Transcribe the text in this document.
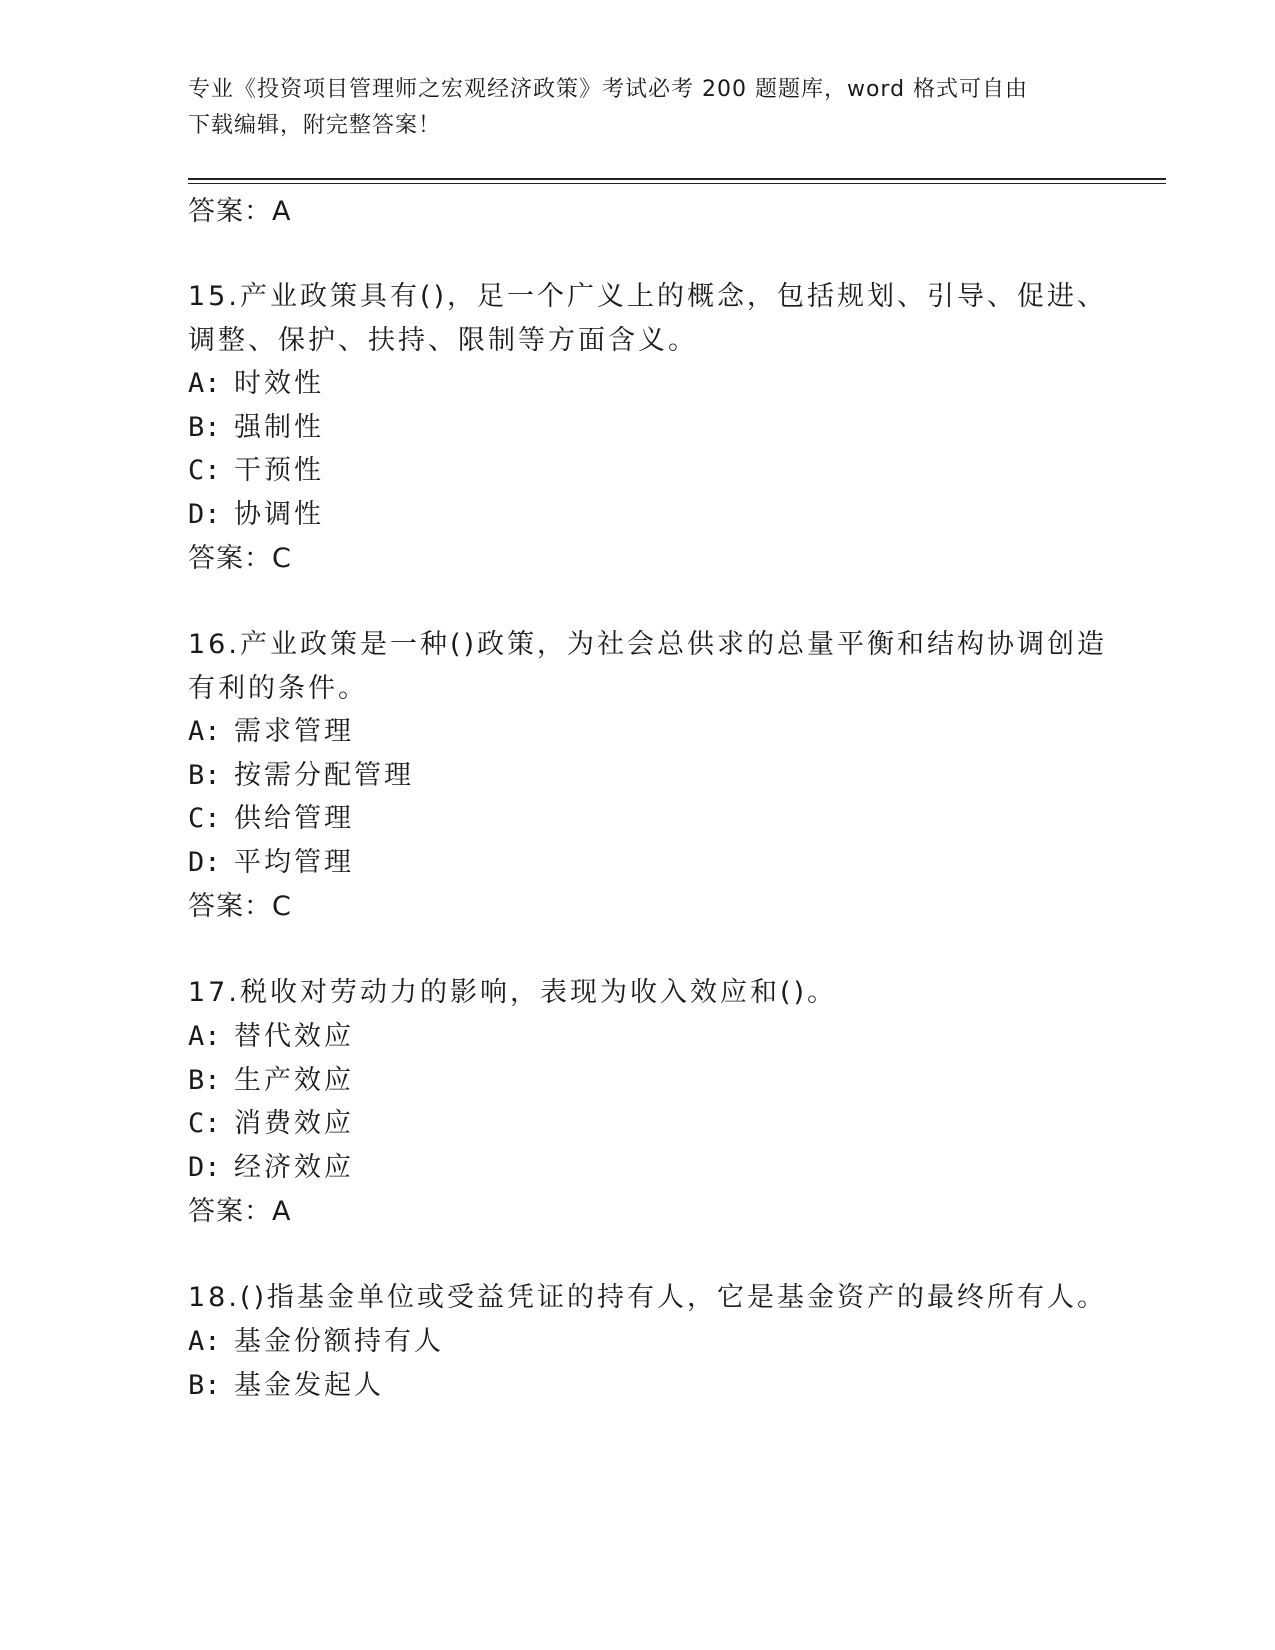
专业《投资项目管理师之宏观经济政策》考试必考 200 题题库，word 格式可自由
下载编辑，附完整答案！
答案：A
15.产业政策具有()，足一个广义上的概念，包括规划、引导、促进、
调整、保护、扶持、限制等方面含义。
A: 时效性
B: 强制性
C: 干预性
D: 协调性
答案：C
16.产业政策是一种()政策，为社会总供求的总量平衡和结构协调创造
有利的条件。
A: 需求管理
B: 按需分配管理
C: 供给管理
D: 平均管理
答案：C
17.税收对劳动力的影响，表现为收入效应和()。
A: 替代效应
B: 生产效应
C: 消费效应
D: 经济效应
答案：A
18.()指基金单位或受益凭证的持有人，它是基金资产的最终所有人。
A: 基金份额持有人
B: 基金发起人
